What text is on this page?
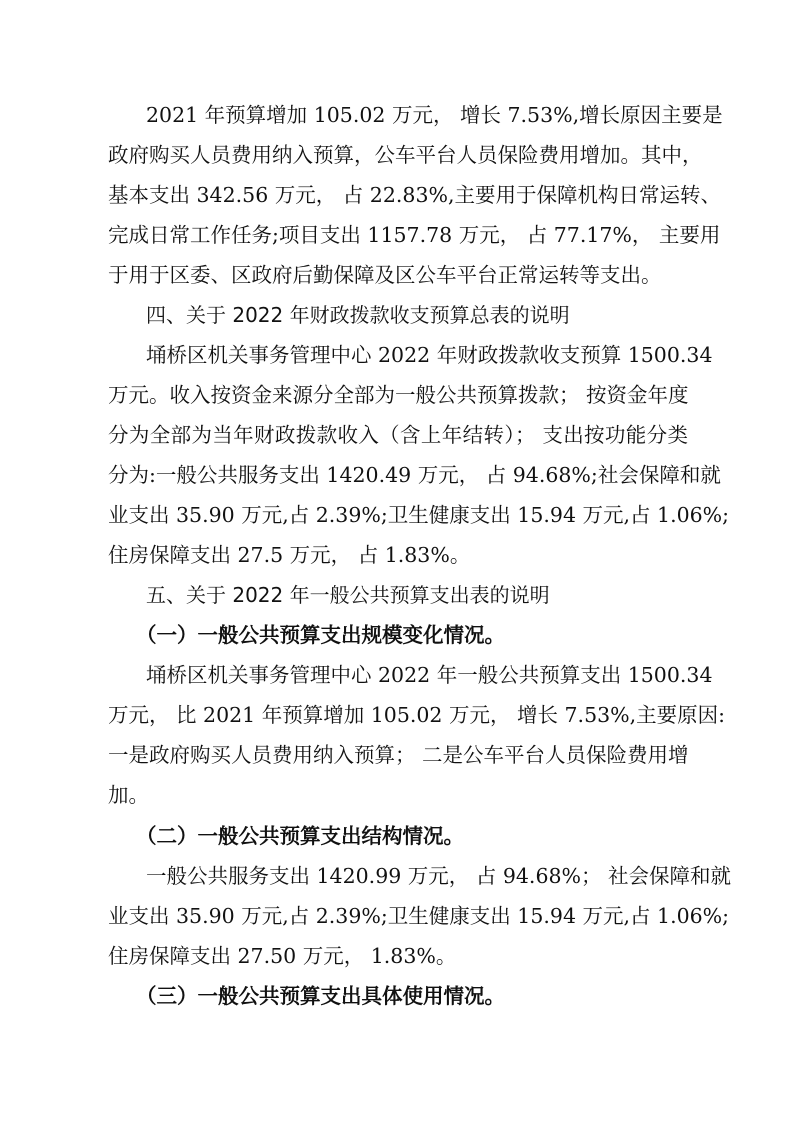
2021 年预算增加 105.02 万元， 增长 7.53%,增长原因主要是
政府购买人员费用纳入预算，公车平台人员保险费用增加。其中，
基本支出 342.56 万元， 占 22.83%,主要用于保障机构日常运转、
完成日常工作任务;项目支出 1157.78 万元， 占 77.17%， 主要用
于用于区委、区政府后勤保障及区公车平台正常运转等支出。
四、关于 2022 年财政拨款收支预算总表的说明
埇桥区机关事务管理中心 2022 年财政拨款收支预算 1500.34
万元。收入按资金来源分全部为一般公共预算拨款； 按资金年度
分为全部为当年财政拨款收入（含上年结转）； 支出按功能分类
分为:一般公共服务支出 1420.49 万元， 占 94.68%;社会保障和就
业支出 35.90 万元,占 2.39%;卫生健康支出 15.94 万元,占 1.06%;
住房保障支出 27.5 万元， 占 1.83%。
五、关于 2022 年一般公共预算支出表的说明
（一）一般公共预算支出规模变化情况。
埇桥区机关事务管理中心 2022 年一般公共预算支出 1500.34
万元， 比 2021 年预算增加 105.02 万元， 增长 7.53%,主要原因:
一是政府购买人员费用纳入预算； 二是公车平台人员保险费用增
加。
（二）一般公共预算支出结构情况。
一般公共服务支出 1420.99 万元， 占 94.68%； 社会保障和就
业支出 35.90 万元,占 2.39%;卫生健康支出 15.94 万元,占 1.06%;
住房保障支出 27.50 万元， 1.83%。
（三）一般公共预算支出具体使用情况。
